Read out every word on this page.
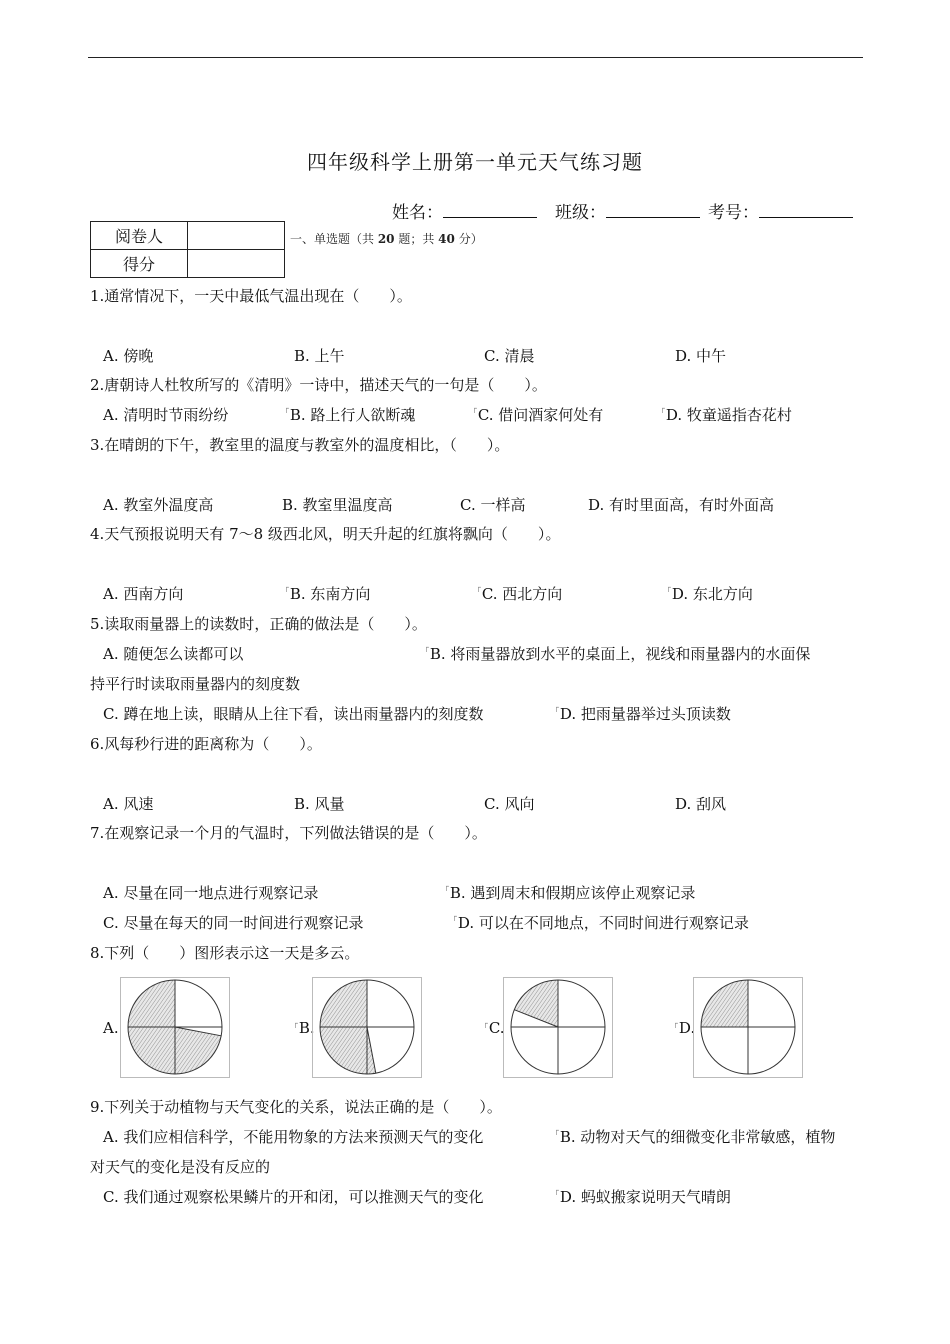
四年级科学上册第一单元天气练习题
姓名：	班级：	考号：
阅卷人	
得分	
一、单选题（共 20 题；共 40 分）
1.通常情况下，一天中最低气温出现在（　　）。
A. 傍晚	B. 上午	C. 清晨	D. 中午
2.唐朝诗人杜牧所写的《清明》一诗中，描述天气的一句是（　　）。
A. 清明时节雨纷纷	┌B. 路上行人欲断魂	┌C. 借问酒家何处有	┌D. 牧童遥指杏花村
3.在晴朗的下午，教室里的温度与教室外的温度相比，（　　）。
A. 教室外温度高	B. 教室里温度高	C. 一样高	D. 有时里面高，有时外面高
4.天气预报说明天有 7～8 级西北风，明天升起的红旗将飘向（　　）。
A. 西南方向	┌B. 东南方向	┌C. 西北方向	┌D. 东北方向
5.读取雨量器上的读数时，正确的做法是（　　）。
A. 随便怎么读都可以	┌B. 将雨量器放到水平的桌面上，视线和雨量器内的水面保
持平行时读取雨量器内的刻度数
C. 蹲在地上读，眼睛从上往下看，读出雨量器内的刻度数	┌D. 把雨量器举过头顶读数
6.风每秒行进的距离称为（　　）。
A. 风速	B. 风量	C. 风向	D. 刮风
7.在观察记录一个月的气温时，下列做法错误的是（　　）。
A. 尽量在同一地点进行观察记录	┌B. 遇到周末和假期应该停止观察记录
C. 尽量在每天的同一时间进行观察记录	┌D. 可以在不同地点，不同时间进行观察记录
8.下列（　　）图形表示这一天是多云。
A.	┌B.	┌C.	┌D.
9.下列关于动植物与天气变化的关系，说法正确的是（　　）。
A. 我们应相信科学，不能用物象的方法来预测天气的变化	┌B. 动物对天气的细微变化非常敏感，植物
对天气的变化是没有反应的
C. 我们通过观察松果鳞片的开和闭，可以推测天气的变化	┌D. 蚂蚁搬家说明天气晴朗
